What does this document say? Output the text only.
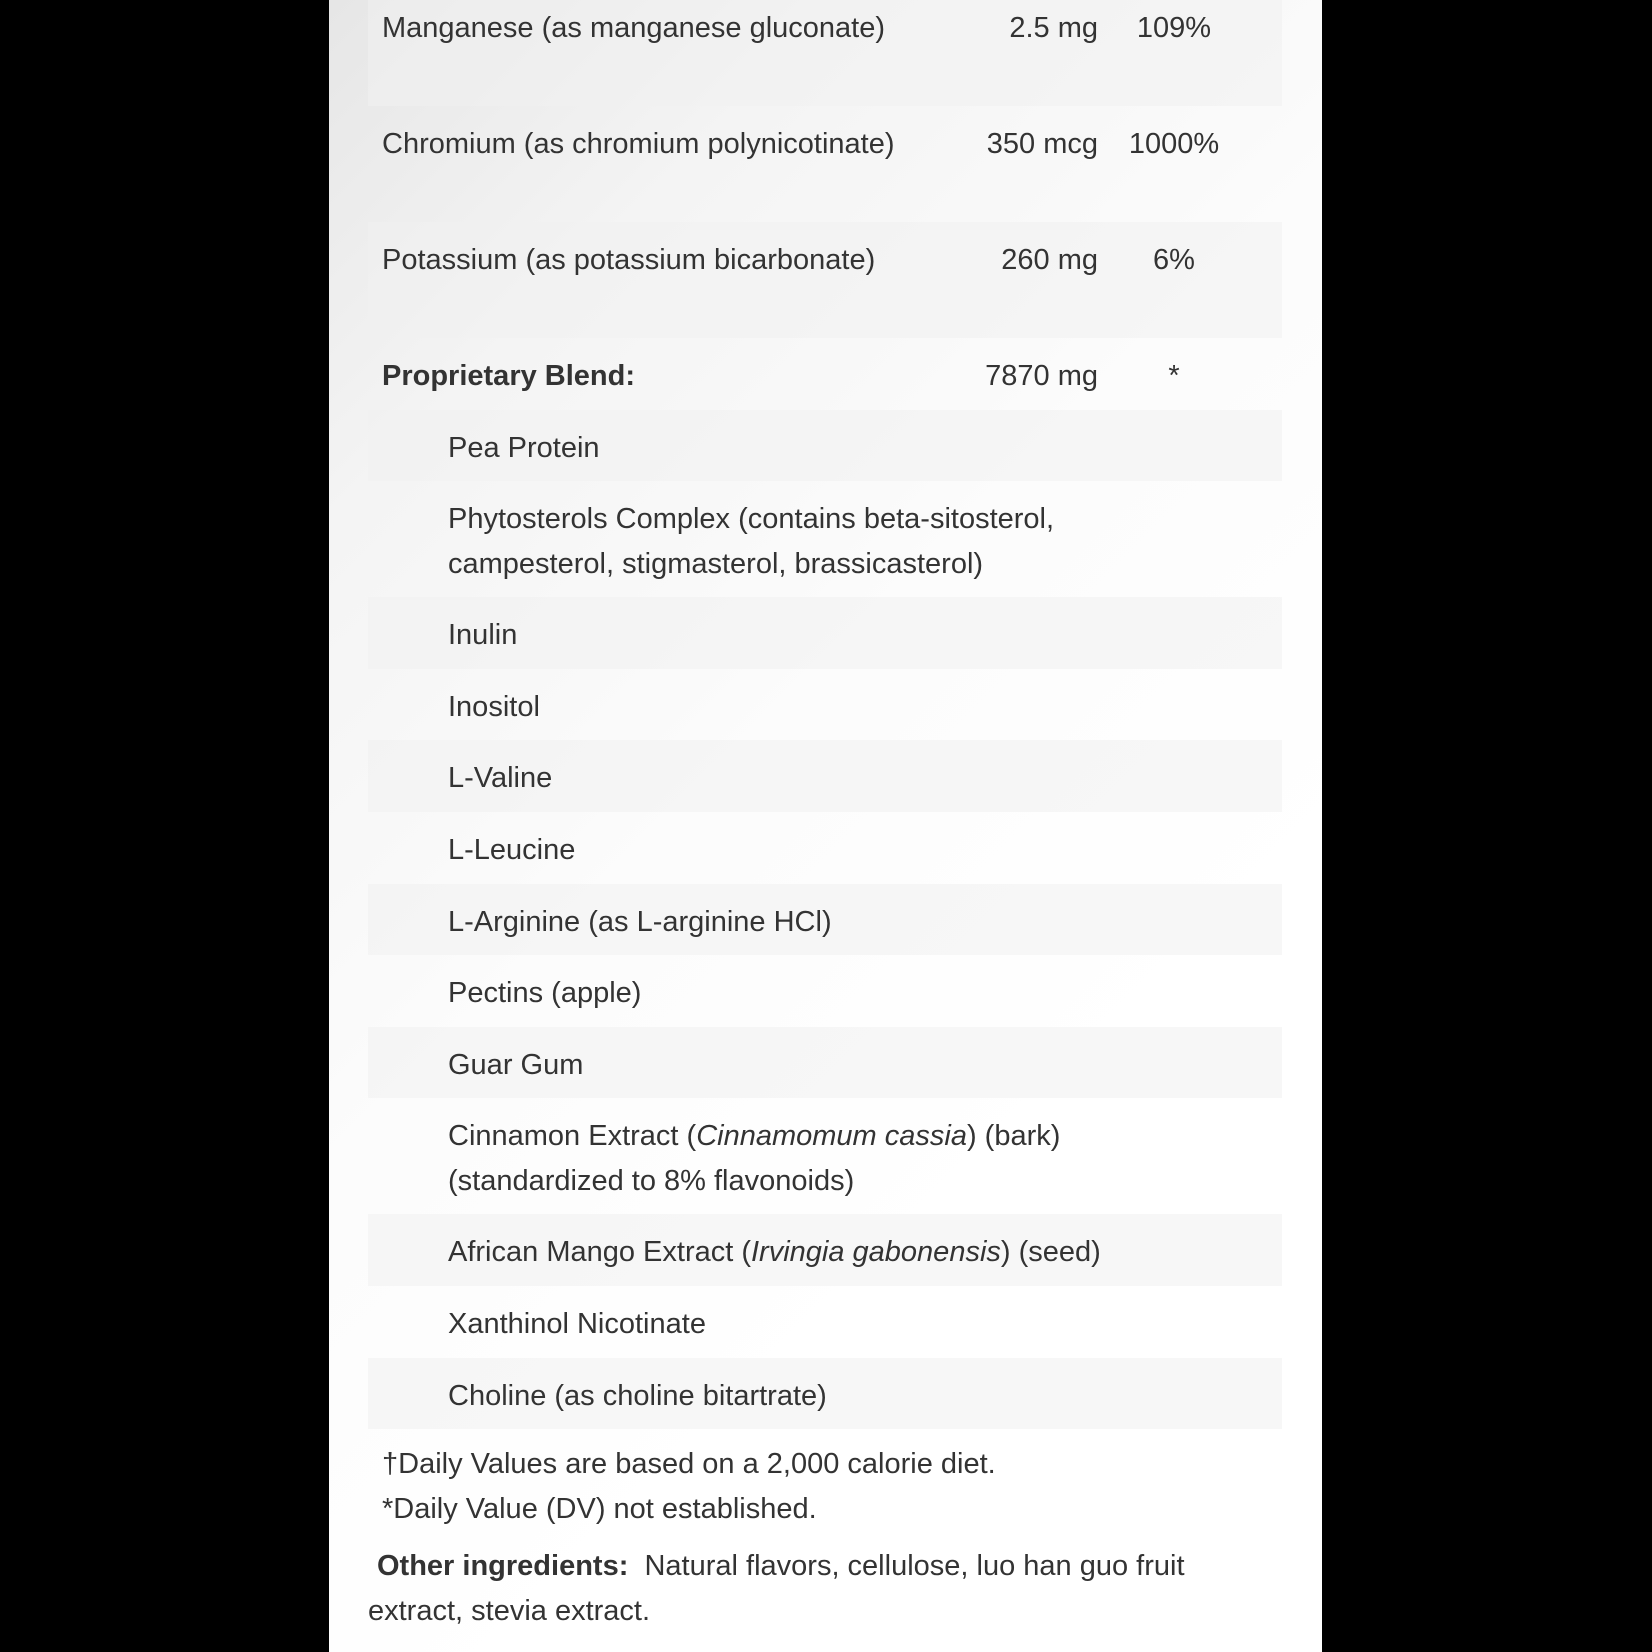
Manganese (as manganese gluconate)	2.5 mg	109%
Chromium (as chromium polynicotinate)	350 mcg	1000%
Potassium (as potassium bicarbonate)	260 mg	6%
Proprietary Blend:	7870 mg	*
Pea Protein
Phytosterols Complex (contains beta-sitosterol, campesterol, stigmasterol, brassicasterol)
Inulin
Inositol
L-Valine
L-Leucine
L-Arginine (as L-arginine HCl)
Pectins (apple)
Guar Gum
Cinnamon Extract (Cinnamomum cassia) (bark) (standardized to 8% flavonoids)
African Mango Extract (Irvingia gabonensis) (seed)
Xanthinol Nicotinate
Choline (as choline bitartrate)
†Daily Values are based on a 2,000 calorie diet.
*Daily Value (DV) not established.
Other ingredients: Natural flavors, cellulose, luo han guo fruit extract, stevia extract.
